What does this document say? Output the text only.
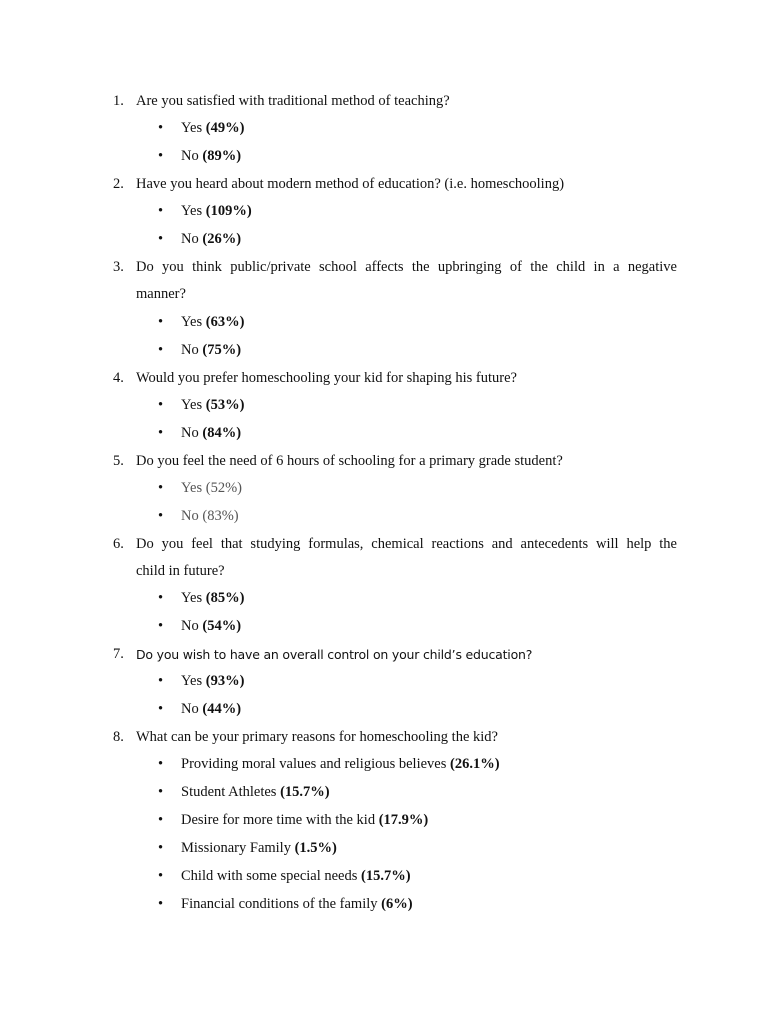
1. Are you satisfied with traditional method of teaching?
• Yes (49%)
• No (89%)
2. Have you heard about modern method of education? (i.e. homeschooling)
• Yes (109%)
• No (26%)
3. Do you think public/private school affects the upbringing of the child in a negative
manner?
• Yes (63%)
• No (75%)
4. Would you prefer homeschooling your kid for shaping his future?
• Yes (53%)
• No (84%)
5. Do you feel the need of 6 hours of schooling for a primary grade student?
• Yes (52%)
• No (83%)
6. Do you feel that studying formulas, chemical reactions and antecedents will help the
child in future?
• Yes (85%)
• No (54%)
7. Do you wish to have an overall control on your child’s education?
• Yes (93%)
• No (44%)
8. What can be your primary reasons for homeschooling the kid?
• Providing moral values and religious believes (26.1%)
• Student Athletes (15.7%)
• Desire for more time with the kid (17.9%)
• Missionary Family (1.5%)
• Child with some special needs (15.7%)
• Financial conditions of the family (6%)
